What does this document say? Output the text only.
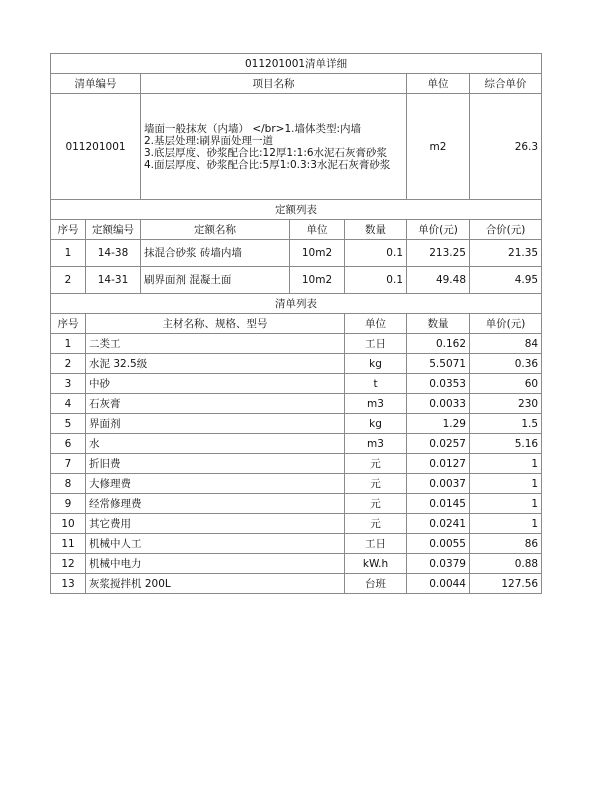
011201001清单详细							
清单编号		项目名称			单位	综合单价	
011201001		墙面一般抹灰（内墙） </br>1.墙体类型:内墙
2.基层处理:刷界面处理一道
3.底层厚度、砂浆配合比:12厚1:1:6水泥石灰膏砂浆
4.面层厚度、砂浆配合比:5厚1:0.3:3水泥石灰膏砂浆			m2	26.3	
定额列表							
序号	定额编号	定额名称	单位	数量	单价(元)	合价(元)	
1	14-38	抹混合砂浆 砖墙内墙	10m2	0.1	213.25	21.35	
2	14-31	刷界面剂 混凝土面	10m2	0.1	49.48	4.95	
清单列表							
序号	主材名称、规格、型号			单位	数量	单价(元)	
1	二类工			工日	0.162	84	
2	水泥 32.5级			kg	5.5071	0.36	
3	中砂			t	0.0353	60	
4	石灰膏			m3	0.0033	230	
5	界面剂			kg	1.29	1.5	
6	水			m3	0.0257	5.16	
7	折旧费			元	0.0127	1	
8	大修理费			元	0.0037	1	
9	经常修理费			元	0.0145	1	
10	其它费用			元	0.0241	1	
11	机械中人工			工日	0.0055	86	
12	机械中电力			kW.h	0.0379	0.88	
13	灰浆搅拌机 200L			台班	0.0044	127.56	
